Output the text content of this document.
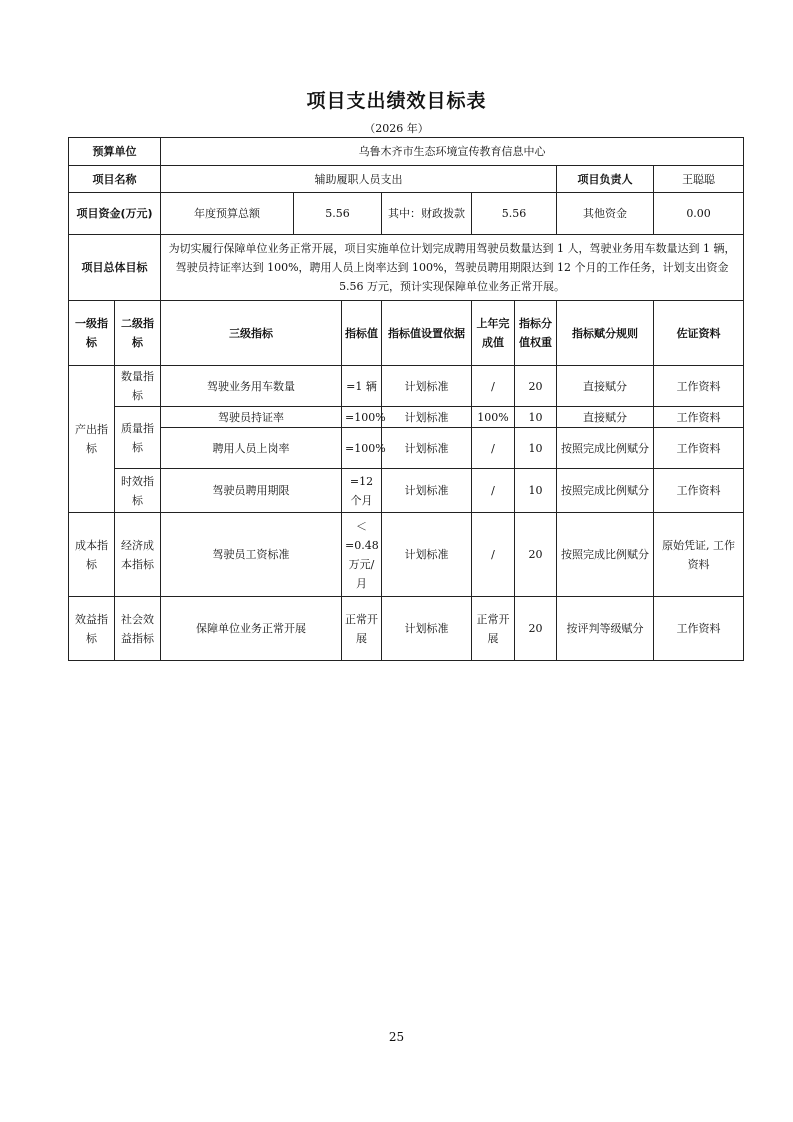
项目支出绩效目标表
（2026 年）
预算单位		乌鲁木齐市生态环境宣传教育信息中心							
项目名称		辅助履职人员支出						项目负责人	王聪聪
项目资金(万元)		年度预算总额	5.56		其中：财政拨款	5.56		其他资金	0.00
项目总体目标		为切实履行保障单位业务正常开展，项目实施单位计划完成聘用驾驶员数量达到 1 人，驾驶业务用车数量达到 1 辆，驾驶员持证率达到 100%，聘用人员上岗率达到 100%，驾驶员聘用期限达到 12 个月的工作任务，计划支出资金 5.56 万元，预计实现保障单位业务正常开展。							
一级指标	二级指标	三级指标		指标值	指标值设置依据	上年完成值	指标分值权重	指标赋分规则	佐证资料
产出指标	数量指标	驾驶业务用车数量		=1 辆	计划标准	/	20	直接赋分	工作资料
	质量指标	驾驶员持证率		=100%	计划标准	100%	10	直接赋分	工作资料
		聘用人员上岗率		=100%	计划标准	/	10	按照完成比例赋分	工作资料
	时效指标	驾驶员聘用期限		=12 个月	计划标准	/	10	按照完成比例赋分	工作资料
成本指标	经济成本指标	驾驶员工资标准		＜=0.48 万元/月	计划标准	/	20	按照完成比例赋分	原始凭证, 工作资料
效益指标	社会效益指标	保障单位业务正常开展		正常开展	计划标准	正常开展	20	按评判等级赋分	工作资料
25
